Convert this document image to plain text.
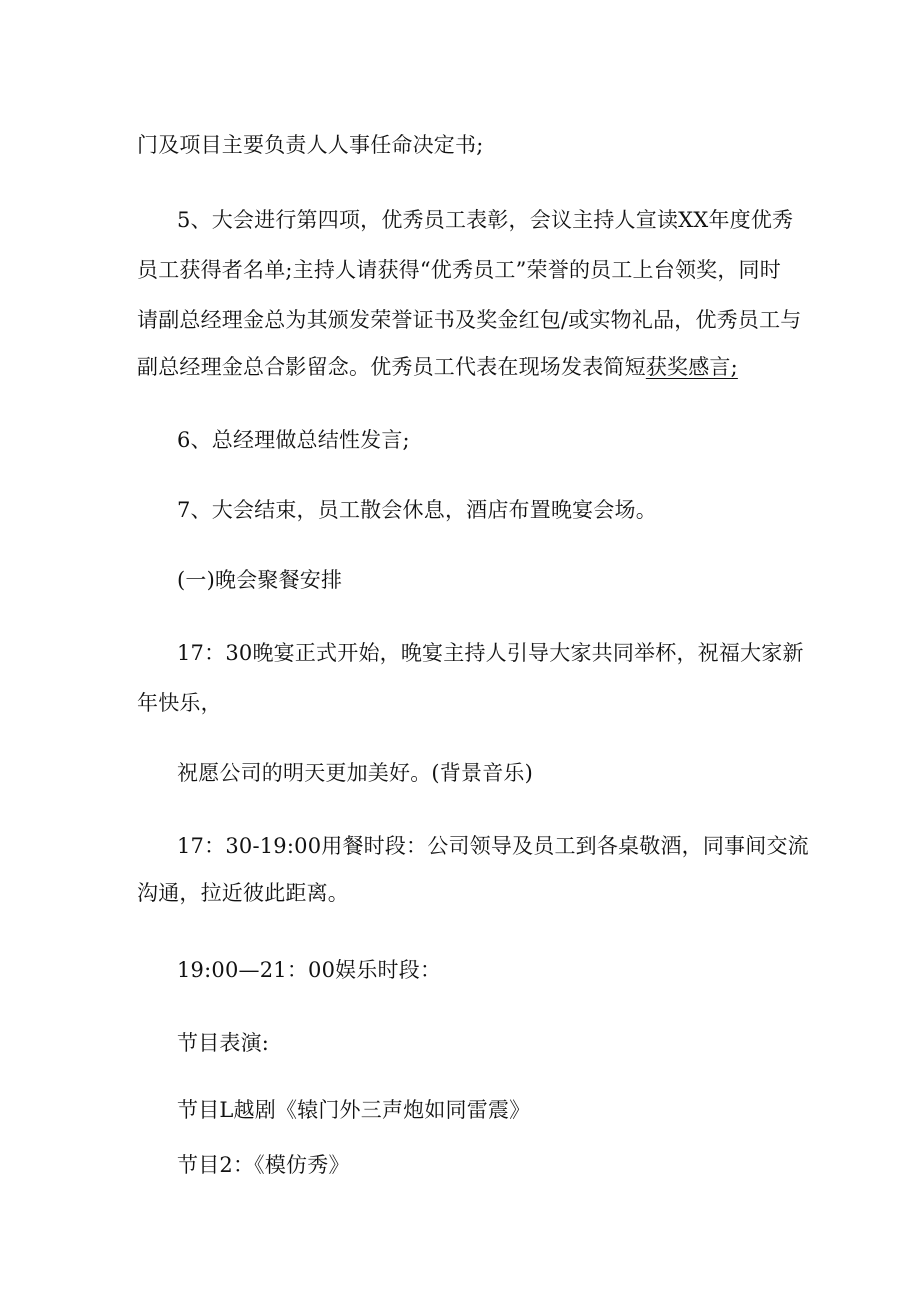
门及项目主要负责人人事任命决定书;
5、大会进行第四项，优秀员工表彰，会议主持人宣读XX年度优秀
员工获得者名单;主持人请获得“优秀员工”荣誉的员工上台领奖，同时
请副总经理金总为其颁发荣誉证书及奖金红包/或实物礼品，优秀员工与
副总经理金总合影留念。优秀员工代表在现场发表简短获奖感言;
6、总经理做总结性发言;
7、大会结束，员工散会休息，酒店布置晚宴会场。
(一)晚会聚餐安排
17：30晚宴正式开始，晚宴主持人引导大家共同举杯，祝福大家新
年快乐，
祝愿公司的明天更加美好。(背景音乐)
17：30-19:00用餐时段：公司领导及员工到各桌敬酒，同事间交流
沟通，拉近彼此距离。
19:00—21：00娱乐时段：
节目表演:
节目L越剧《辕门外三声炮如同雷震》
节目2：《模仿秀》
